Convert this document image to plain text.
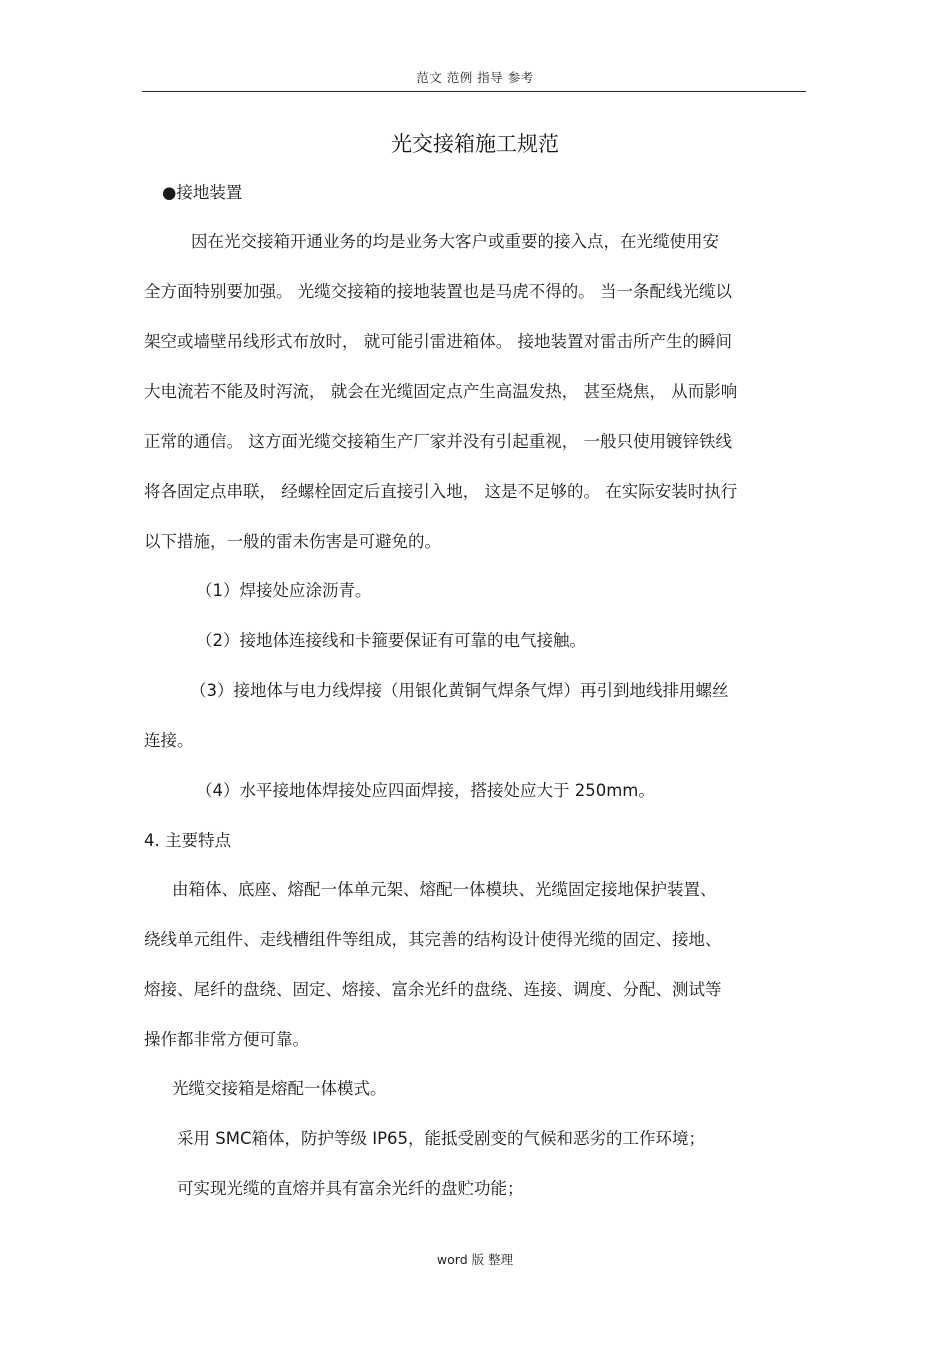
范文 范例 指导 参考
光交接箱施工规范
●接地装置
因在光交接箱开通业务的均是业务大客户或重要的接入点，在光缆使用安
全方面特别要加强。 光缆交接箱的接地装置也是马虎不得的。 当一条配线光缆以
架空或墙壁吊线形式布放时， 就可能引雷进箱体。 接地装置对雷击所产生的瞬间
大电流若不能及时泻流， 就会在光缆固定点产生高温发热， 甚至烧焦， 从而影响
正常的通信。 这方面光缆交接箱生产厂家并没有引起重视， 一般只使用镀锌铁线
将各固定点串联， 经螺栓固定后直接引入地， 这是不足够的。 在实际安装时执行
以下措施，一般的雷未伤害是可避免的。
（1）焊接处应涂沥青。
（2）接地体连接线和卡箍要保证有可靠的电气接触。
（3）接地体与电力线焊接（用银化黄铜气焊条气焊）再引到地线排用螺丝
连接。
（4）水平接地体焊接处应四面焊接，搭接处应大于 250mm。
4. 主要特点
由箱体、底座、熔配一体单元架、熔配一体模块、光缆固定接地保护装置、
绕线单元组件、走线槽组件等组成，其完善的结构设计使得光缆的固定、接地、
熔接、尾纤的盘绕、固定、熔接、富余光纤的盘绕、连接、调度、分配、测试等
操作都非常方便可靠。
光缆交接箱是熔配一体模式。
采用 SMC箱体，防护等级 IP65，能抵受剧变的气候和恶劣的工作环境；
可实现光缆的直熔并具有富余光纤的盘贮功能；
word 版 整理
